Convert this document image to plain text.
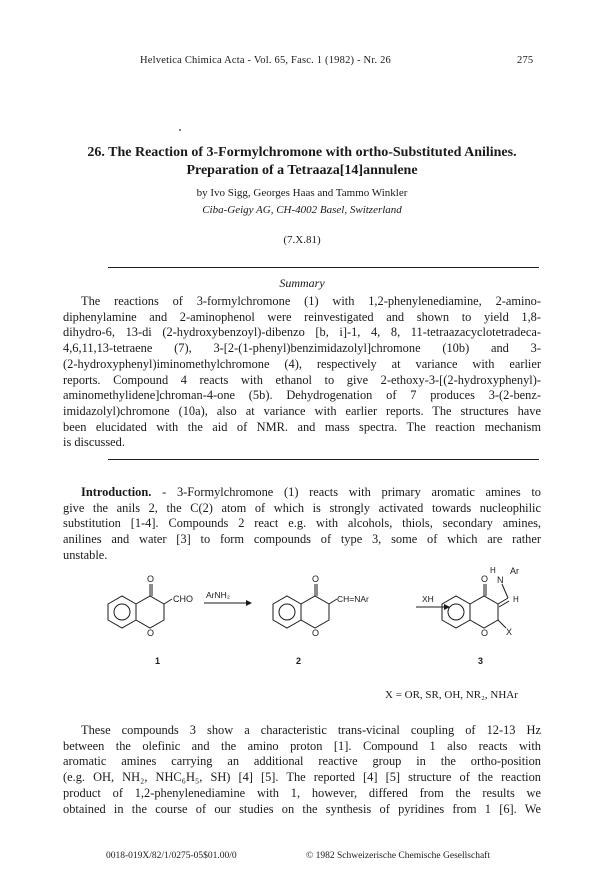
Helvetica Chimica Acta - Vol. 65, Fasc. 1 (1982) - Nr. 26	275
26. The Reaction of 3-Formylchromone with ortho-Substituted Anilines.
Preparation of a Tetraaza[14]annulene
by Ivo Sigg, Georges Haas and Tammo Winkler
Ciba-Geigy AG, CH-4002 Basel, Switzerland
(7.X.81)
Summary
The reactions of 3-formylchromone (1) with 1,2-phenylenediamine, 2-amino-
diphenylamine and 2-aminophenol were reinvestigated and shown to yield 1,8-
dihydro-6, 13-di (2-hydroxybenzoyl)-dibenzo [b, i]-1, 4, 8, 11-tetraazacyclotetradeca-
4,6,11,13-tetraene (7), 3-[2-(1-phenyl)benzimidazolyl]chromone (10b) and 3-
(2-hydroxyphenyl)iminomethylchromone (4), respectively at variance with earlier
reports. Compound 4 reacts with ethanol to give 2-ethoxy-3-[(2-hydroxyphenyl)-
aminomethylidene]chroman-4-one (5b). Dehydrogenation of 7 produces 3-(2-benz-
imidazolyl)chromone (10a), also at variance with earlier reports. The structures have
been elucidated with the aid of NMR. and mass spectra. The reaction mechanism
is discussed.
Introduction. - 3-Formylchromone (1) reacts with primary aromatic amines to
give the anils 2, the C(2) atom of which is strongly activated towards nucleophilic
substitution [1-4]. Compounds 2 react e.g. with alcohols, thiols, secondary amines,
anilines and water [3] to form compounds of type 3, some of which are rather
unstable.
O
O
CHO ArNH₂
O
O
CH=NAr	XH
O
O
H
N
Ar
H
X
1	2	3
X = OR, SR, OH, NR₂, NHAr
These compounds 3 show a characteristic trans-vicinal coupling of 12-13 Hz
between the olefinic and the amino proton [1]. Compound 1 also reacts with
aromatic amines carrying an additional reactive group in the ortho-position
(e.g. OH, NH₂, NHC₆H₅, SH) [4] [5]. The reported [4] [5] structure of the reaction
product of 1,2-phenylenediamine with 1, however, differed from the results we
obtained in the course of our studies on the synthesis of pyridines from 1 [6]. We
0018-019X/82/1/0275-05$01.00/0	© 1982 Schweizerische Chemische Gesellschaft
